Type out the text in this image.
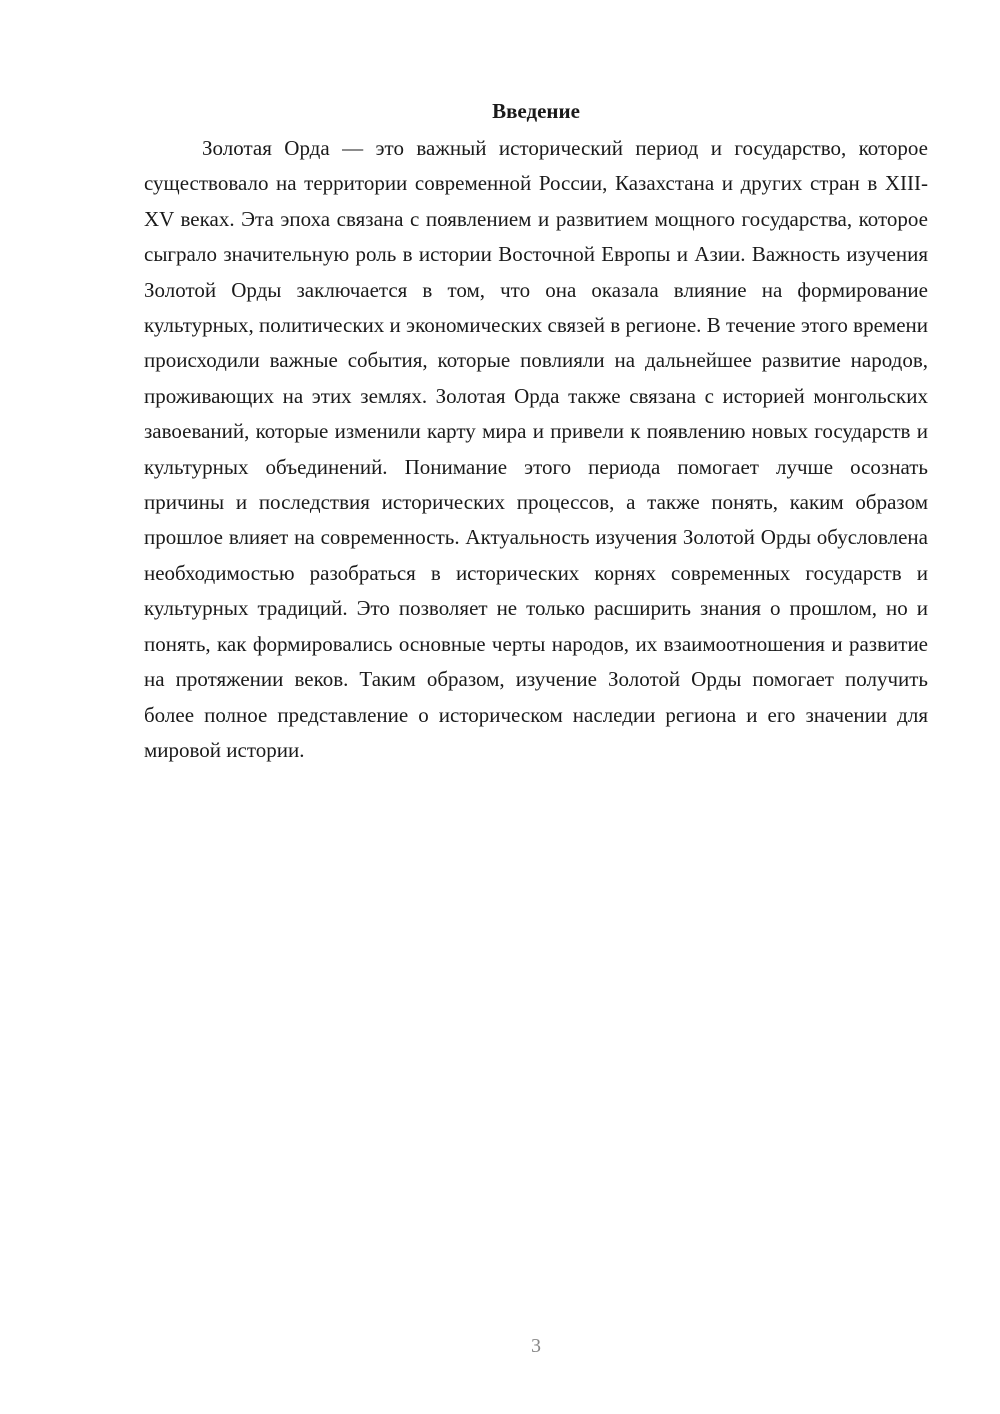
Введение

Золотая Орда — это важный исторический период и государство, которое существовало на территории современной России, Казахстана и других стран в XIII-XV веках. Эта эпоха связана с появлением и развитием мощного государства, которое сыграло значительную роль в истории Восточной Европы и Азии. Важность изучения Золотой Орды заключается в том, что она оказала влияние на формирование культурных, политических и экономических связей в регионе. В течение этого времени происходили важные события, которые повлияли на дальнейшее развитие народов, проживающих на этих землях. Золотая Орда также связана с историей монгольских завоеваний, которые изменили карту мира и привели к появлению новых государств и культурных объединений. Понимание этого периода помогает лучше осознать причины и последствия исторических процессов, а также понять, каким образом прошлое влияет на современность. Актуальность изучения Золотой Орды обусловлена необходимостью разобраться в исторических корнях современных государств и культурных традиций. Это позволяет не только расширить знания о прошлом, но и понять, как формировались основные черты народов, их взаимоотношения и развитие на протяжении веков. Таким образом, изучение Золотой Орды помогает получить более полное представление о историческом наследии региона и его значении для мировой истории.

3
